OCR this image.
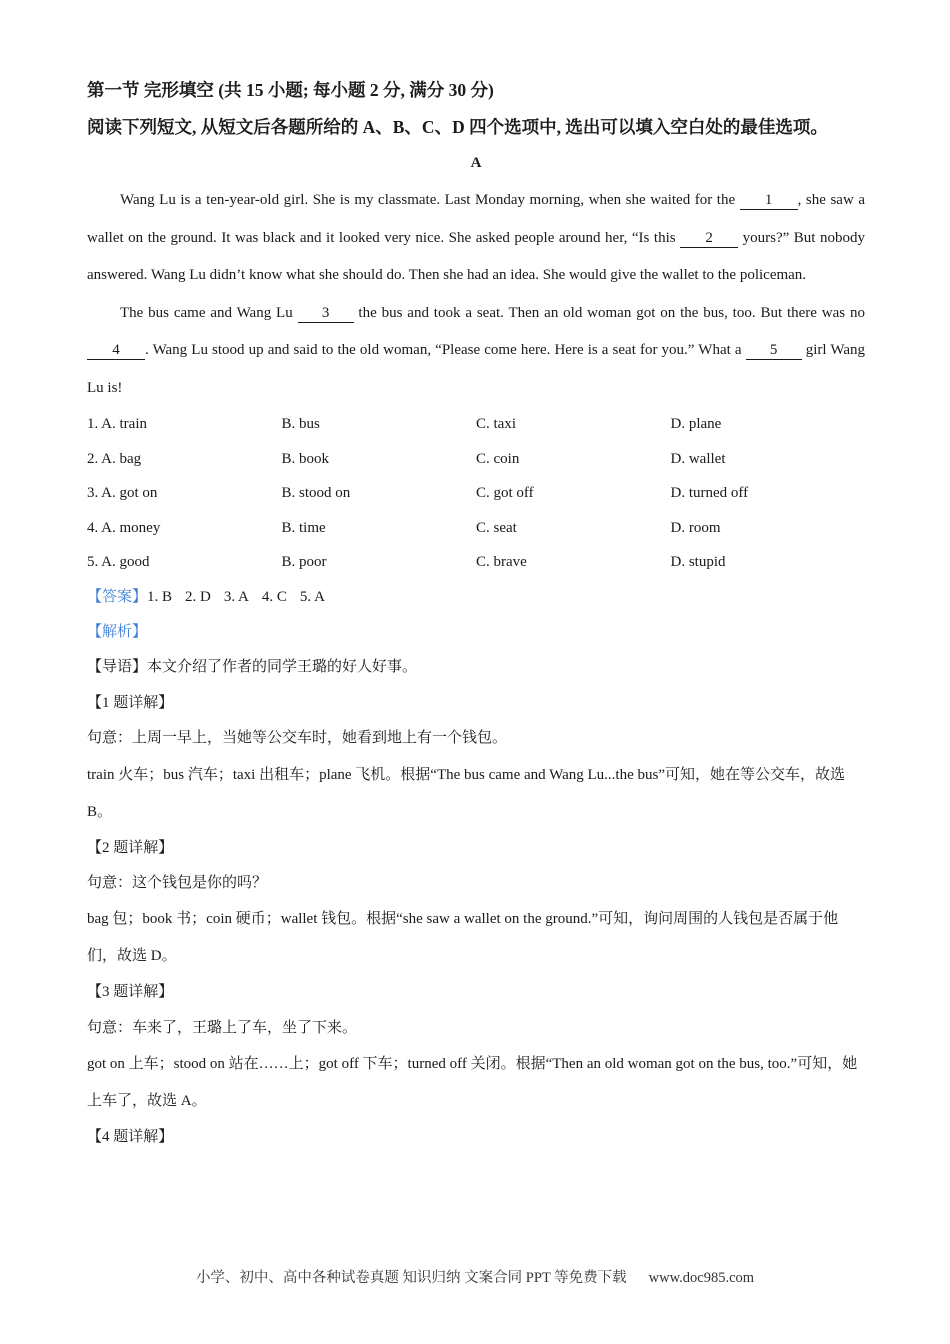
第一节 完形填空 (共 15 小题; 每小题 2 分, 满分 30 分)

阅读下列短文, 从短文后各题所给的 A、B、C、D 四个选项中, 选出可以填入空白处的最佳选项。

A

Wang Lu is a ten-year-old girl. She is my classmate. Last Monday morning, when she waited for the 1 , she saw a wallet on the ground. It was black and it looked very nice. She asked people around her, “Is this 2 yours?” But nobody answered. Wang Lu didn’t know what she should do. Then she had an idea. She would give the wallet to the policeman.

The bus came and Wang Lu 3 the bus and took a seat. Then an old woman got on the bus, too. But there was no 4 . Wang Lu stood up and said to the old woman, “Please come here. Here is a seat for you.” What a 5 girl Wang Lu is!

1. A. train	B. bus	C. taxi	D. plane
2. A. bag	B. book	C. coin	D. wallet
3. A. got on	B. stood on	C. got off	D. turned off
4. A. money	B. time	C. seat	D. room
5. A. good	B. poor	C. brave	D. stupid

【答案】1. B 2. D 3. A 4. C 5. A

【解析】

【导语】本文介绍了作者的同学王璐的好人好事。

【1 题详解】

句意：上周一早上，当她等公交车时，她看到地上有一个钱包。

train 火车；bus 汽车；taxi 出租车；plane 飞机。根据“The bus came and Wang Lu...the bus”可知，她在等公交车，故选 B。

【2 题详解】

句意：这个钱包是你的吗？

bag 包；book 书；coin 硬币；wallet 钱包。根据“she saw a wallet on the ground.”可知，询问周围的人钱包是否属于他们，故选 D。

【3 题详解】

句意：车来了，王璐上了车，坐了下来。

got on 上车；stood on 站在……上；got off 下车；turned off 关闭。根据“Then an old woman got on the bus, too.”可知，她上车了，故选 A。

【4 题详解】

小学、初中、高中各种试卷真题 知识归纳 文案合同 PPT 等免费下载 www.doc985.com
